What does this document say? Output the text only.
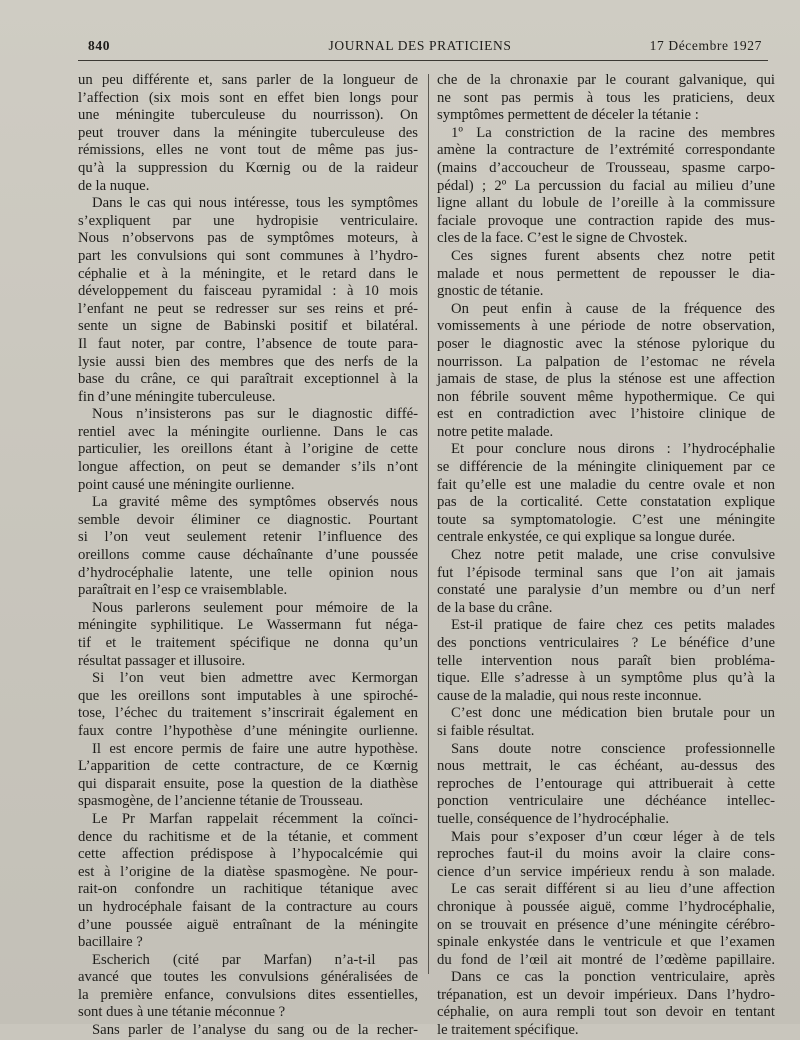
JOURNAL DES PRATICIENS
840	17 Décembre 1927
un peu différente et, sans parler de la longueur de
l’affection (six mois sont en effet bien longs pour
une méningite tuberculeuse du nourrisson). On
peut trouver dans la méningite tuberculeuse des
rémissions, elles ne vont tout de même pas jus-
qu’à la suppression du Kœrnig ou de la raideur
de la nuque.
Dans le cas qui nous intéresse, tous les symptômes
s’expliquent par une hydropisie ventriculaire.
Nous n’observons pas de symptômes moteurs, à
part les convulsions qui sont communes à l’hydro-
céphalie et à la méningite, et le retard dans le
développement du faisceau pyramidal : à 10 mois
l’enfant ne peut se redresser sur ses reins et pré-
sente un signe de Babinski positif et bilatéral.
Il faut noter, par contre, l’absence de toute para-
lysie aussi bien des membres que des nerfs de la
base du crâne, ce qui paraîtrait exceptionnel à la
fin d’une méningite tuberculeuse.
Nous n’insisterons pas sur le diagnostic diffé-
rentiel avec la méningite ourlienne. Dans le cas
particulier, les oreillons étant à l’origine de cette
longue affection, on peut se demander s’ils n’ont
point causé une méningite ourlienne.
La gravité même des symptômes observés nous
semble devoir éliminer ce diagnostic. Pourtant
si l’on veut seulement retenir l’influence des
oreillons comme cause déchaînante d’une poussée
d’hydrocéphalie latente, une telle opinion nous
paraîtrait en l’esp ce vraisemblable.
Nous parlerons seulement pour mémoire de la
méningite syphilitique. Le Wassermann fut néga-
tif et le traitement spécifique ne donna qu’un
résultat passager et illusoire.
Si l’on veut bien admettre avec Kermorgan
que les oreillons sont imputables à une spiroché-
tose, l’échec du traitement s’inscrirait également en
faux contre l’hypothèse d’une méningite ourlienne.
Il est encore permis de faire une autre hypothèse.
L’apparition de cette contracture, de ce Kœrnig
qui disparait ensuite, pose la question de la diathèse
spasmogène, de l’ancienne tétanie de Trousseau.
Le Pr Marfan rappelait récemment la coïnci-
dence du rachitisme et de la tétanie, et comment
cette affection prédispose à l’hypocalcémie qui
est à l’origine de la diatèse spasmogène. Ne pour-
rait-on confondre un rachitique tétanique avec
un hydrocéphale faisant de la contracture au cours
d’une poussée aiguë entraînant de la méningite
bacillaire ?
Escherich (cité par Marfan) n’a-t-il pas
avancé que toutes les convulsions généralisées de
la première enfance, convulsions dites essentielles,
sont dues à une tétanie méconnue ?
Sans parler de l’analyse du sang ou de la recher-
che de la chronaxie par le courant galvanique, qui
ne sont pas permis à tous les praticiens, deux
symptômes permettent de déceler la tétanie :
1º La constriction de la racine des membres
amène la contracture de l’extrémité correspondante
(mains d’accoucheur de Trousseau, spasme carpo-
pédal) ; 2º La percussion du facial au milieu d’une
ligne allant du lobule de l’oreille à la commissure
faciale provoque une contraction rapide des mus-
cles de la face. C’est le signe de Chvostek.
Ces signes furent absents chez notre petit
malade et nous permettent de repousser le dia-
gnostic de tétanie.
On peut enfin à cause de la fréquence des
vomissements à une période de notre observation,
poser le diagnostic avec la sténose pylorique du
nourrisson. La palpation de l’estomac ne révela
jamais de stase, de plus la sténose est une affection
non fébrile souvent même hypothermique. Ce qui
est en contradiction avec l’histoire clinique de
notre petite malade.
Et pour conclure nous dirons : l’hydrocéphalie
se différencie de la méningite cliniquement par ce
fait qu’elle est une maladie du centre ovale et non
pas de la corticalité. Cette constatation explique
toute sa symptomatologie. C’est une méningite
centrale enkystée, ce qui explique sa longue durée.
Chez notre petit malade, une crise convulsive
fut l’épisode terminal sans que l’on ait jamais
constaté une paralysie d’un membre ou d’un nerf
de la base du crâne.
Est-il pratique de faire chez ces petits malades
des ponctions ventriculaires ? Le bénéfice d’une
telle intervention nous paraît bien probléma-
tique. Elle s’adresse à un symptôme plus qu’à la
cause de la maladie, qui nous reste inconnue.
C’est donc une médication bien brutale pour un
si faible résultat.
Sans doute notre conscience professionnelle
nous mettrait, le cas échéant, au-dessus des
reproches de l’entourage qui attribuerait à cette
ponction ventriculaire une déchéance intellec-
tuelle, conséquence de l’hydrocéphalie.
Mais pour s’exposer d’un cœur léger à de tels
reproches faut-il du moins avoir la claire cons-
cience d’un service impérieux rendu à son malade.
Le cas serait différent si au lieu d’une affection
chronique à poussée aiguë, comme l’hydrocéphalie,
on se trouvait en présence d’une méningite cérébro-
spinale enkystée dans le ventricule et que l’examen
du fond de l’œil ait montré de l’œdème papillaire.
Dans ce cas la ponction ventriculaire, après
trépanation, est un devoir impérieux. Dans l’hydro-
céphalie, on aura rempli tout son devoir en tentant
le traitement spécifique.
